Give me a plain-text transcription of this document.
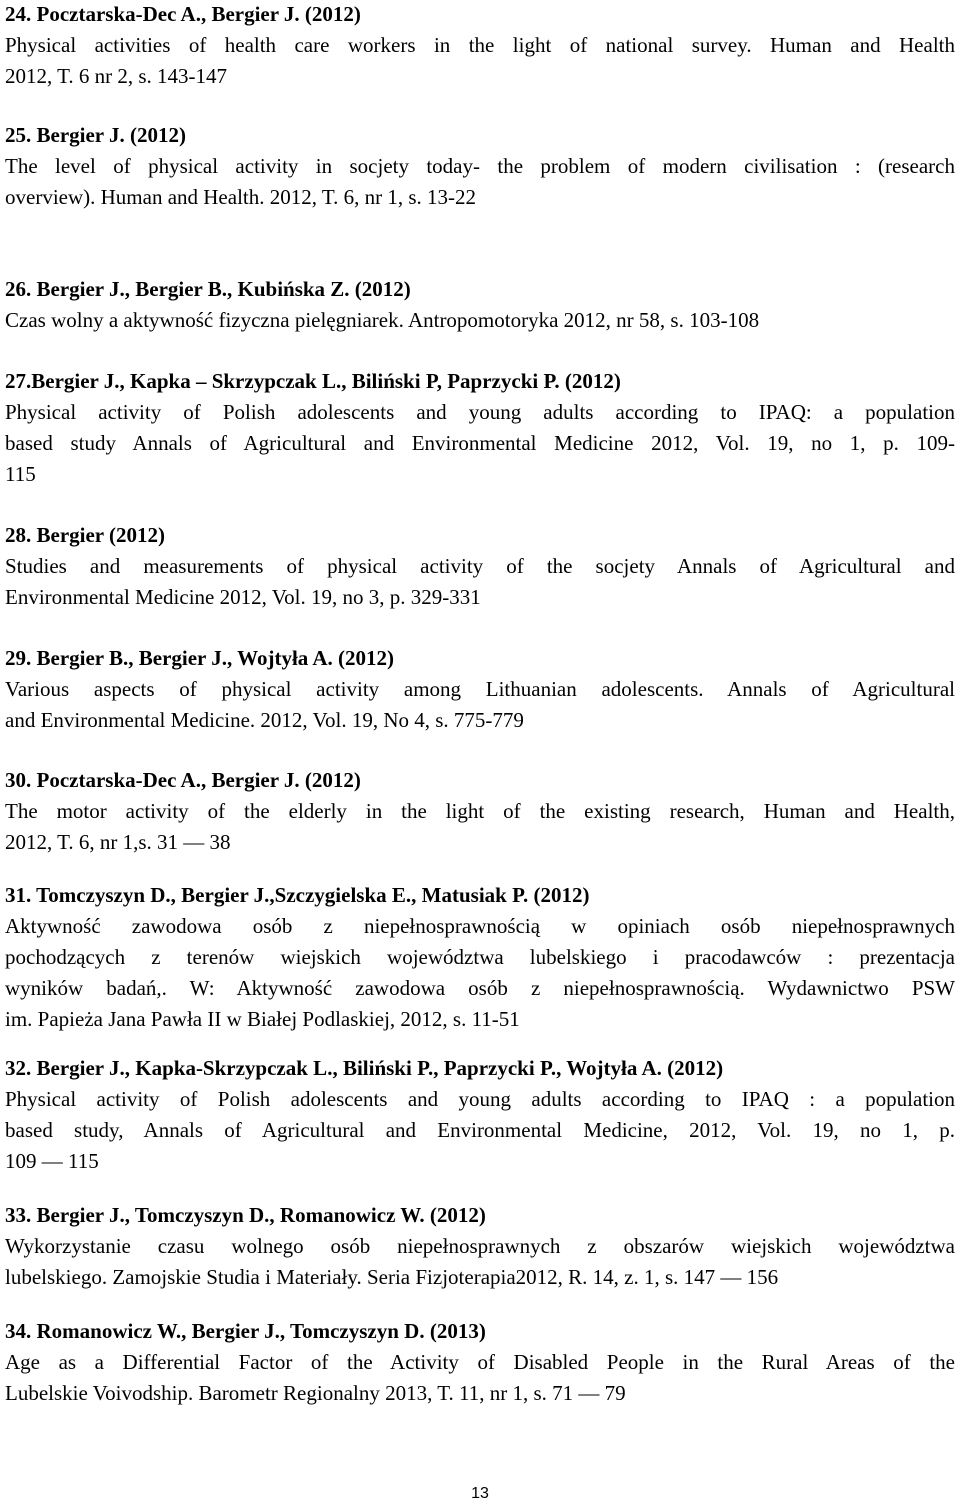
24. Pocztarska-Dec A., Bergier J. (2012)
Physical activities of health care workers in the light of national survey. Human and Health
2012, T. 6 nr 2, s. 143-147
25. Bergier J. (2012)
The level of physical activity in socjety today- the problem of modern civilisation : (research
overview). Human and Health. 2012, T. 6, nr 1, s. 13-22
26. Bergier J., Bergier B., Kubińska Z. (2012)
Czas wolny a aktywność fizyczna pielęgniarek. Antropomotoryka 2012, nr 58, s. 103-108
27.Bergier J., Kapka – Skrzypczak L., Biliński P, Paprzycki P. (2012)
Physical activity of Polish adolescents and young adults according to IPAQ: a population
based study Annals of Agricultural and Environmental Medicine 2012, Vol. 19, no 1, p. 109-
115
28. Bergier (2012)
Studies and measurements of physical activity of the socjety Annals of Agricultural and
Environmental Medicine 2012, Vol. 19, no 3, p. 329-331
29. Bergier B., Bergier J., Wojtyła A. (2012)
Various aspects of physical activity among Lithuanian adolescents. Annals of Agricultural
and Environmental Medicine. 2012, Vol. 19, No 4, s. 775-779
30. Pocztarska-Dec A., Bergier J. (2012)
The motor activity of the elderly in the light of the existing research, Human and Health,
2012, T. 6, nr 1,s. 31 — 38
31. Tomczyszyn D., Bergier J.,Szczygielska E., Matusiak P. (2012)
Aktywność zawodowa osób z niepełnosprawnością w opiniach osób niepełnosprawnych
pochodzących z terenów wiejskich województwa lubelskiego i pracodawców : prezentacja
wyników badań,. W: Aktywność zawodowa osób z niepełnosprawnością. Wydawnictwo PSW
im. Papieża Jana Pawła II w Białej Podlaskiej, 2012, s. 11-51
32. Bergier J., Kapka-Skrzypczak L., Biliński P., Paprzycki P., Wojtyła A. (2012)
Physical activity of Polish adolescents and young adults according to IPAQ : a population
based study, Annals of Agricultural and Environmental Medicine, 2012, Vol. 19, no 1, p.
109 — 115
33. Bergier J., Tomczyszyn D., Romanowicz W. (2012)
Wykorzystanie czasu wolnego osób niepełnosprawnych z obszarów wiejskich województwa
lubelskiego. Zamojskie Studia i Materiały. Seria Fizjoterapia2012, R. 14, z. 1, s. 147 — 156
34. Romanowicz W., Bergier J., Tomczyszyn D. (2013)
Age as a Differential Factor of the Activity of Disabled People in the Rural Areas of the
Lubelskie Voivodship. Barometr Regionalny 2013, T. 11, nr 1, s. 71 — 79
13
